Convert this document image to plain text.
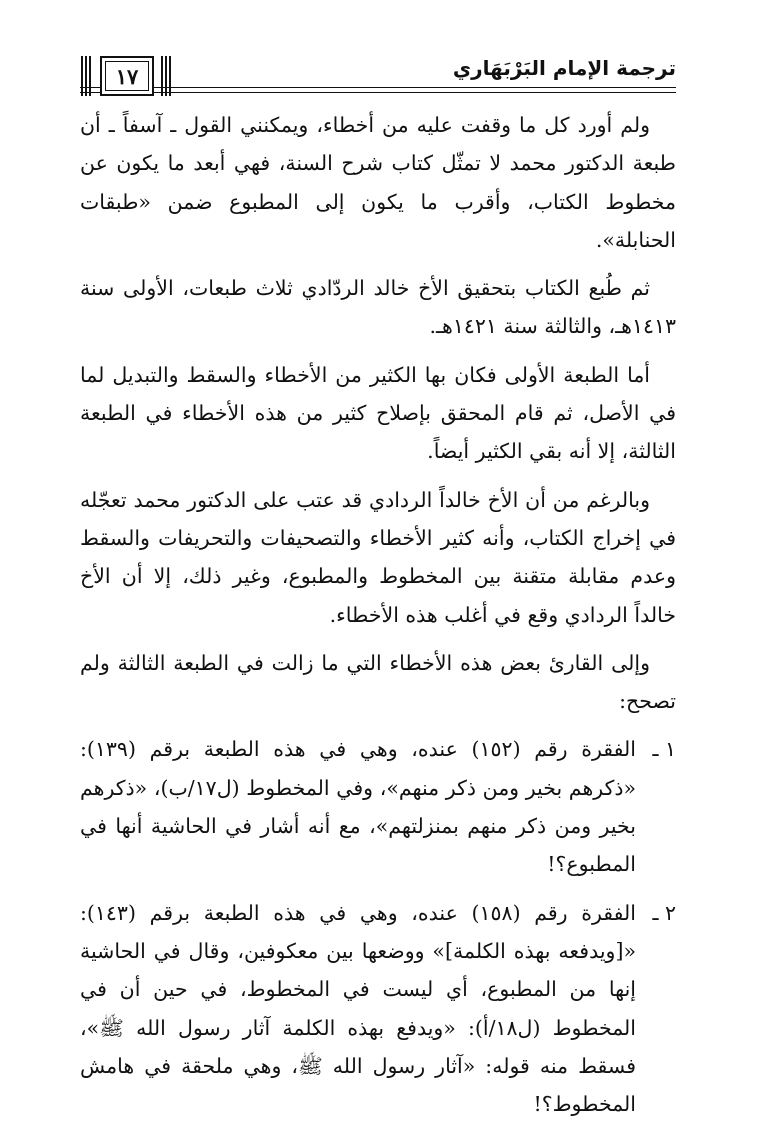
١٧	ترجمة الإمام البَرْبَهَاري

ولم أورد كل ما وقفت عليه من أخطاء، ويمكنني القول ـ آسفاً ـ أن طبعة الدكتور محمد لا تمثّل كتاب شرح السنة، فهي أبعد ما يكون عن مخطوط الكتاب، وأقرب ما يكون إلى المطبوع ضمن «طبقات الحنابلة».

ثم طُبع الكتاب بتحقيق الأخ خالد الردّادي ثلاث طبعات، الأولى سنة ١٤١٣هـ، والثالثة سنة ١٤٢١هـ.

أما الطبعة الأولى فكان بها الكثير من الأخطاء والسقط والتبديل لما في الأصل، ثم قام المحقق بإصلاح كثير من هذه الأخطاء في الطبعة الثالثة، إلا أنه بقي الكثير أيضاً.

وبالرغم من أن الأخ خالداً الردادي قد عتب على الدكتور محمد تعجّله في إخراج الكتاب، وأنه كثير الأخطاء والتصحيفات والتحريفات والسقط وعدم مقابلة متقنة بين المخطوط والمطبوع، وغير ذلك، إلا أن الأخ خالداً الردادي وقع في أغلب هذه الأخطاء.

وإلى القارئ بعض هذه الأخطاء التي ما زالت في الطبعة الثالثة ولم تصحح:

١ ـ
الفقرة رقم (١٥٢) عنده، وهي في هذه الطبعة برقم (١٣٩): «ذكرهم بخير ومن ذكر منهم»، وفي المخطوط (ل١٧/ب)، «ذكرهم بخير ومن ذكر منهم بمنزلتهم»، مع أنه أشار في الحاشية أنها في المطبوع؟!
٢ ـ
الفقرة رقم (١٥٨) عنده، وهي في هذه الطبعة برقم (١٤٣): «[ويدفعه بهذه الكلمة]» ووضعها بين معكوفين، وقال في الحاشية إنها من المطبوع، أي ليست في المخطوط، في حين أن في المخطوط (ل١٨/أ): «ويدفع بهذه الكلمة آثار رسول الله ﷺ»، فسقط منه قوله: «آثار رسول الله ﷺ، وهي ملحقة في هامش المخطوط؟!
